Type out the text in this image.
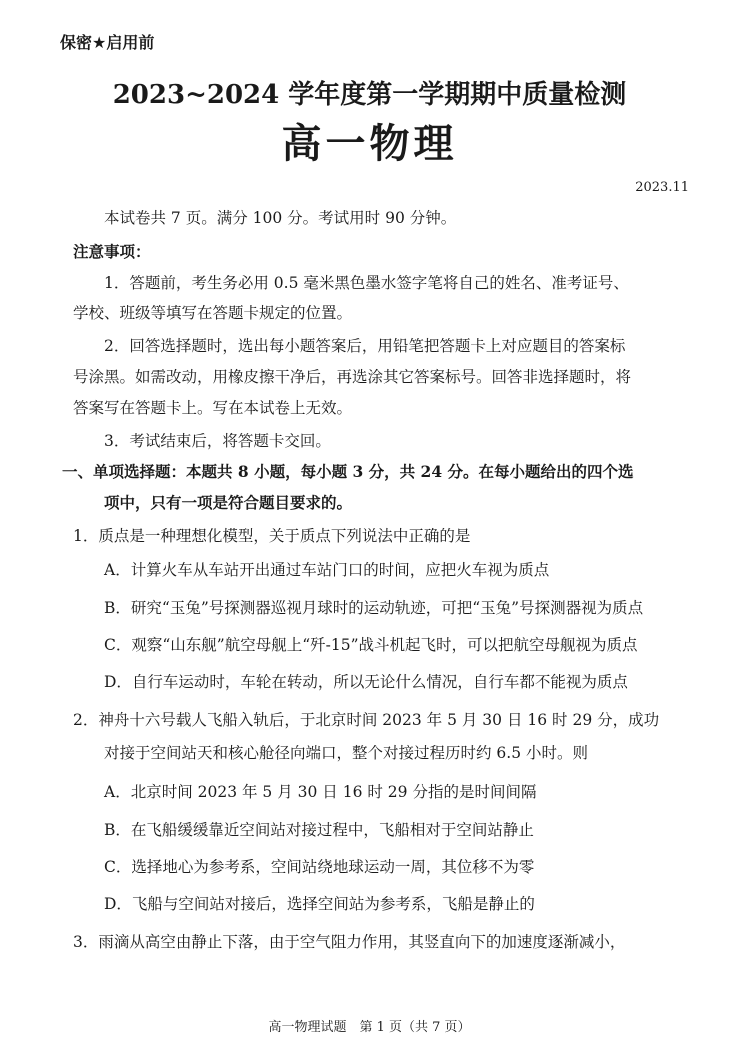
保密★启用前
2023~2024 学年度第一学期期中质量检测
高一物理
2023.11
本试卷共 7 页。满分 100 分。考试用时 90 分钟。
注意事项：
1．答题前，考生务必用 0.5 毫米黑色墨水签字笔将自己的姓名、准考证号、
学校、班级等填写在答题卡规定的位置。
2．回答选择题时，选出每小题答案后，用铅笔把答题卡上对应题目的答案标
号涂黑。如需改动，用橡皮擦干净后，再选涂其它答案标号。回答非选择题时，将
答案写在答题卡上。写在本试卷上无效。
3．考试结束后，将答题卡交回。
一、单项选择题：本题共 8 小题，每小题 3 分，共 24 分。在每小题给出的四个选
项中，只有一项是符合题目要求的。
1．质点是一种理想化模型，关于质点下列说法中正确的是
A．计算火车从车站开出通过车站门口的时间，应把火车视为质点
B．研究“玉兔”号探测器巡视月球时的运动轨迹，可把“玉兔”号探测器视为质点
C．观察“山东舰”航空母舰上“歼-15”战斗机起飞时，可以把航空母舰视为质点
D．自行车运动时，车轮在转动，所以无论什么情况，自行车都不能视为质点
2．神舟十六号载人飞船入轨后，于北京时间 2023 年 5 月 30 日 16 时 29 分，成功
对接于空间站天和核心舱径向端口，整个对接过程历时约 6.5 小时。则
A．北京时间 2023 年 5 月 30 日 16 时 29 分指的是时间间隔
B．在飞船缓缓靠近空间站对接过程中，飞船相对于空间站静止
C．选择地心为参考系，空间站绕地球运动一周，其位移不为零
D．飞船与空间站对接后，选择空间站为参考系，飞船是静止的
3．雨滴从高空由静止下落，由于空气阻力作用，其竖直向下的加速度逐渐减小，
高一物理试题　第 1 页（共 7 页）
